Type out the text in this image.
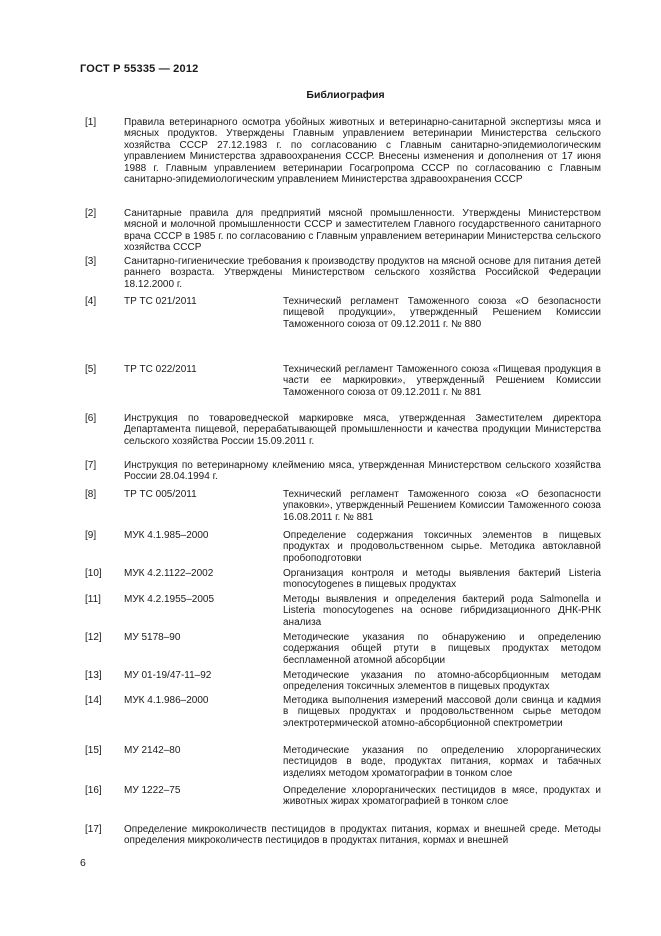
ГОСТ Р 55335 — 2012
Библиография
[1]	Правила ветеринарного осмотра убойных животных и ветеринарно-санитарной экспертизы мяса и мясных продуктов. Утверждены Главным управлением ветеринарии Министерства сельского хозяйства СССР 27.12.1983 г. по согласованию с Главным санитарно-эпидемиологическим управлением Министерства здравоохранения СССР. Внесены изменения и дополнения от 17 июня 1988 г. Главным управлением ветеринарии Госагропрома СССР по согласованию с Главным санитарно-эпидемиологическим управлением Министерства здравоохранения СССР
[2]	Санитарные правила для предприятий мясной промышленности. Утверждены Министерством мясной и молочной промышленности СССР и заместителем Главного государственного санитарного врача СССР в 1985 г. по согласованию с Главным управлением ветеринарии Министерства сельского хозяйства СССР
[3]	Санитарно-гигиенические требования к производству продуктов на мясной основе для питания детей раннего возраста. Утверждены Министерством сельского хозяйства Российской Федерации 18.12.2000 г.
[4]	ТР ТС 021/2011	Технический регламент Таможенного союза «О безопасности пищевой продукции», утвержденный Решением Комиссии Таможенного союза от 09.12.2011 г. № 880
[5]	ТР ТС 022/2011	Технический регламент Таможенного союза «Пищевая продукция в части ее маркировки», утвержденный Решением Комиссии Таможенного союза от 09.12.2011 г. № 881
[6]	Инструкция по товароведческой маркировке мяса, утвержденная Заместителем директора Департамента пищевой, перерабатывающей промышленности и качества продукции Министерства сельского хозяйства России 15.09.2011 г.
[7]	Инструкция по ветеринарному клеймению мяса, утвержденная Министерством сельского хозяйства России 28.04.1994 г.
[8]	ТР ТС 005/2011	Технический регламент Таможенного союза «О безопасности упаковки», утвержденный Решением Комиссии Таможенного союза 16.08.2011 г. № 881
[9]	МУК 4.1.985–2000	Определение содержания токсичных элементов в пищевых продуктах и продовольственном сырье. Методика автоклавной пробоподготовки
[10]	МУК 4.2.1122–2002	Организация контроля и методы выявления бактерий Listeria monocytogenes в пищевых продуктах
[11]	МУК 4.2.1955–2005	Методы выявления и определения бактерий рода Salmonella и Listeria monocytogenes на основе гибридизационного ДНК-РНК анализа
[12]	МУ 5178–90	Методические указания по обнаружению и определению содержания общей ртути в пищевых продуктах методом беспламенной атомной абсорбции
[13]	МУ 01-19/47-11–92	Методические указания по атомно-абсорбционным методам определения токсичных элементов в пищевых продуктах
[14]	МУК 4.1.986–2000	Методика выполнения измерений массовой доли свинца и кадмия в пищевых продуктах и продовольственном сырье методом электротермической атомно-абсорбционной спектрометрии
[15]	МУ 2142–80	Методические указания по определению хлорорганических пестицидов в воде, продуктах питания, кормах и табачных изделиях методом хроматографии в тонком слое
[16]	МУ 1222–75	Определение хлорорганических пестицидов в мясе, продуктах и животных жирах хроматографией в тонком слое
[17]	Определение микроколичеств пестицидов в продуктах питания, кормах и внешней среде. Методы определения микроколичеств пестицидов в продуктах питания, кормах и внешней
6
